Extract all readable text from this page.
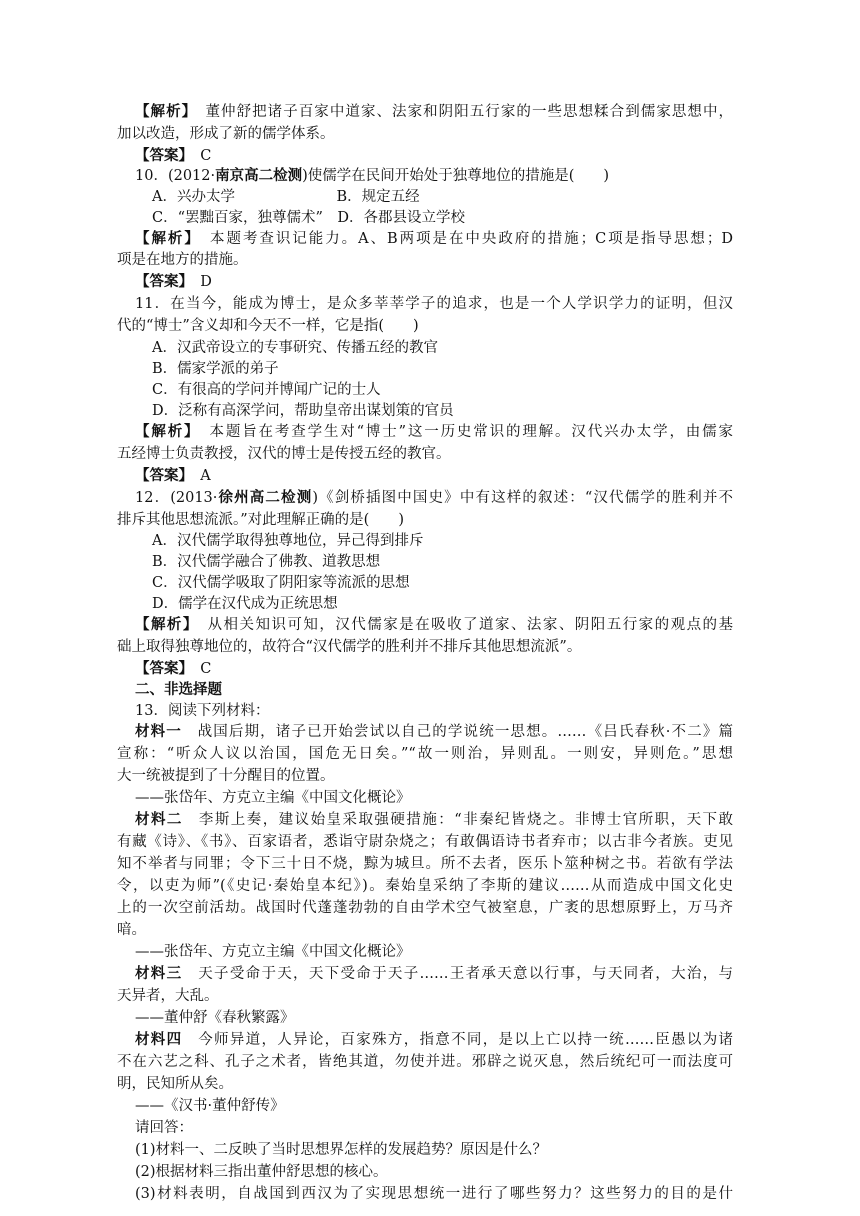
【解析】　董仲舒把诸子百家中道家、法家和阴阳五行家的一些思想糅合到儒家思想中，
加以改造，形成了新的儒学体系。
【答案】　C
10．(2012·南京高二检测)使儒学在民间开始处于独尊地位的措施是(　　)
A．兴办太学　　　　　　　B．规定五经
C．“罢黜百家，独尊儒术”　D．各郡县设立学校
【解析】　本题考查识记能力。A、B两项是在中央政府的措施；C项是指导思想；D
项是在地方的措施。
【答案】　D
11．在当今，能成为博士，是众多莘莘学子的追求，也是一个人学识学力的证明，但汉
代的“博士”含义却和今天不一样，它是指(　　)
A．汉武帝设立的专事研究、传播五经的教官
B．儒家学派的弟子
C．有很高的学问并博闻广记的士人
D．泛称有高深学问，帮助皇帝出谋划策的官员
【解析】　本题旨在考查学生对“博士”这一历史常识的理解。汉代兴办太学，由儒家
五经博士负责教授，汉代的博士是传授五经的教官。
【答案】　A
12．(2013·徐州高二检测)《剑桥插图中国史》中有这样的叙述：“汉代儒学的胜利并不
排斥其他思想流派。”对此理解正确的是(　　)
A．汉代儒学取得独尊地位，异己得到排斥
B．汉代儒学融合了佛教、道教思想
C．汉代儒学吸取了阴阳家等流派的思想
D．儒学在汉代成为正统思想
【解析】　从相关知识可知，汉代儒家是在吸收了道家、法家、阴阳五行家的观点的基
础上取得独尊地位的，故符合“汉代儒学的胜利并不排斥其他思想流派”。
【答案】　C
二、非选择题
13．阅读下列材料：
材料一　战国后期，诸子已开始尝试以自己的学说统一思想。……《吕氏春秋·不二》篇
宣称：“听众人议以治国，国危无日矣。”“故一则治，异则乱。一则安，异则危。”思想
大一统被提到了十分醒目的位置。
——张岱年、方克立主编《中国文化概论》
材料二　李斯上奏，建议始皇采取强硬措施：“非秦纪皆烧之。非博士官所职，天下敢
有藏《诗》、《书》、百家语者，悉诣守尉杂烧之；有敢偶语诗书者弃市；以古非今者族。吏见
知不举者与同罪；令下三十日不烧，黥为城旦。所不去者，医乐卜筮种树之书。若欲有学法
令，以吏为师”(《史记·秦始皇本纪》)。秦始皇采纳了李斯的建议……从而造成中国文化史
上的一次空前活劫。战国时代蓬蓬勃勃的自由学术空气被窒息，广袤的思想原野上，万马齐
喑。
——张岱年、方克立主编《中国文化概论》
材料三　天子受命于天，天下受命于天子……王者承天意以行事，与天同者，大治，与
天异者，大乱。
——董仲舒《春秋繁露》
材料四　今师异道，人异论，百家殊方，指意不同，是以上亡以持一统……臣愚以为诸
不在六艺之科、孔子之术者，皆绝其道，勿使并进。邪辟之说灭息，然后统纪可一而法度可
明，民知所从矣。
——《汉书·董仲舒传》
请回答：
(1)材料一、二反映了当时思想界怎样的发展趋势？原因是什么？
(2)根据材料三指出董仲舒思想的核心。
(3)材料表明，自战国到西汉为了实现思想统一进行了哪些努力？这些努力的目的是什
